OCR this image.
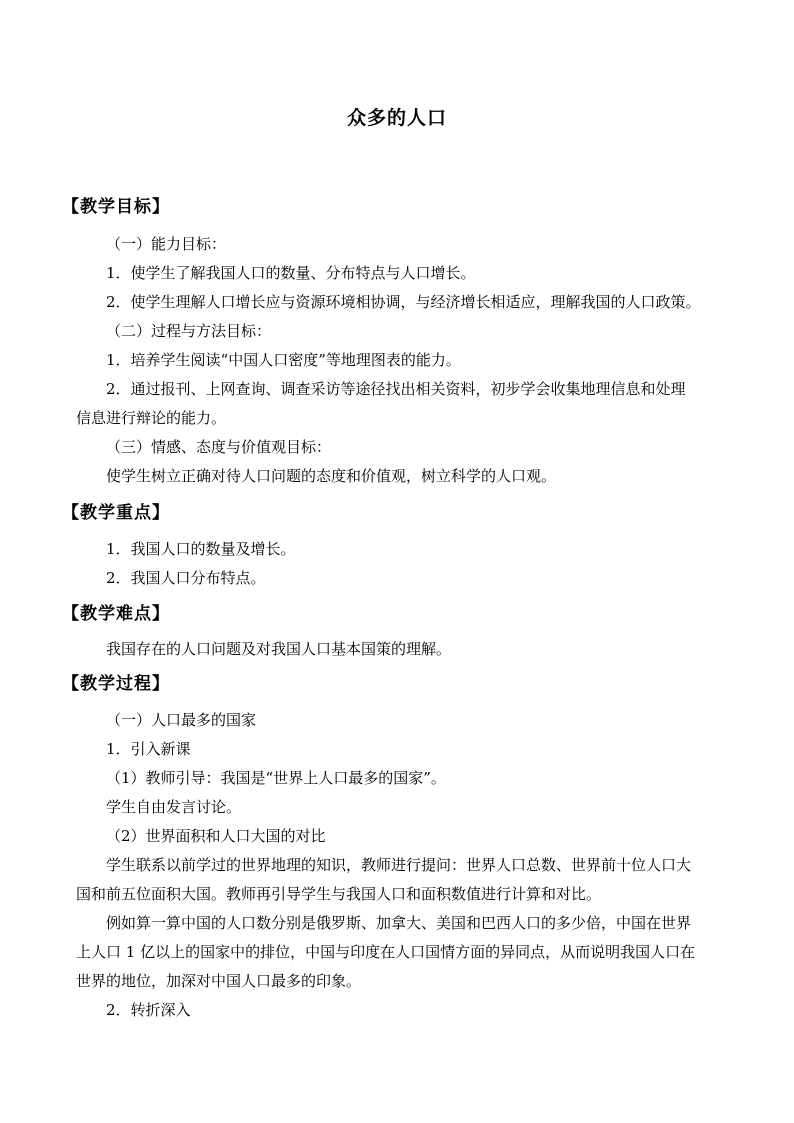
众多的人口
【教学目标】
（一）能力目标：
1．使学生了解我国人口的数量、分布特点与人口增长。
2．使学生理解人口增长应与资源环境相协调，与经济增长相适应，理解我国的人口政策。
（二）过程与方法目标：
1．培养学生阅读“中国人口密度”等地理图表的能力。
2．通过报刊、上网查询、调查采访等途径找出相关资料，初步学会收集地理信息和处理
信息进行辩论的能力。
（三）情感、态度与价值观目标：
使学生树立正确对待人口问题的态度和价值观，树立科学的人口观。
【教学重点】
1．我国人口的数量及增长。
2．我国人口分布特点。
【教学难点】
我国存在的人口问题及对我国人口基本国策的理解。
【教学过程】
（一）人口最多的国家
1．引入新课
（1）教师引导：我国是“世界上人口最多的国家”。
学生自由发言讨论。
（2）世界面积和人口大国的对比
学生联系以前学过的世界地理的知识，教师进行提问：世界人口总数、世界前十位人口大
国和前五位面积大国。教师再引导学生与我国人口和面积数值进行计算和对比。
例如算一算中国的人口数分别是俄罗斯、加拿大、美国和巴西人口的多少倍，中国在世界
上人口 1 亿以上的国家中的排位，中国与印度在人口国情方面的异同点，从而说明我国人口在
世界的地位，加深对中国人口最多的印象。
2．转折深入
